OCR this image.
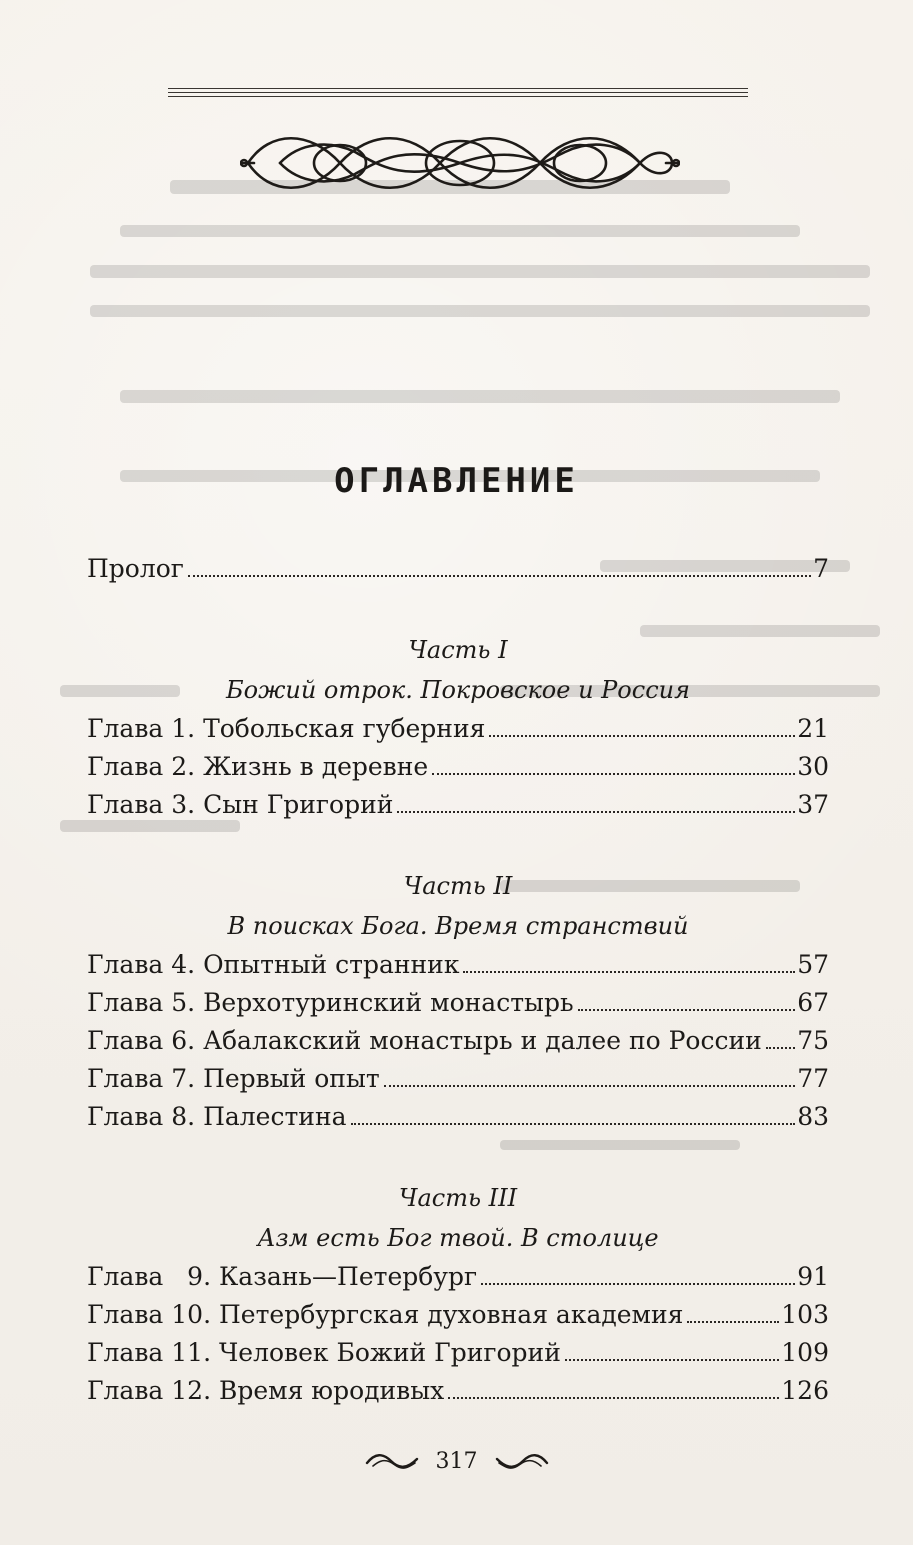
ОГЛАВЛЕНИЕ
Пролог	7
Часть I
Божий отрок. Покровское и Россия
Глава 1. Тобольская губерния	21
Глава 2. Жизнь в деревне	30
Глава 3. Сын Григорий	37
Часть II
В поисках Бога. Время странствий
Глава 4. Опытный странник	57
Глава 5. Верхотуринский монастырь	67
Глава 6. Абалакский монастырь и далее по России 75
Глава 7. Первый опыт	77
Глава 8. Палестина	83
Часть III
Азм есть Бог твой. В столице
Глава   9. Казань—Петербург	91
Глава 10. Петербургская духовная академия	103
Глава 11. Человек Божий Григорий	109
Глава 12. Время юродивых	126
317
